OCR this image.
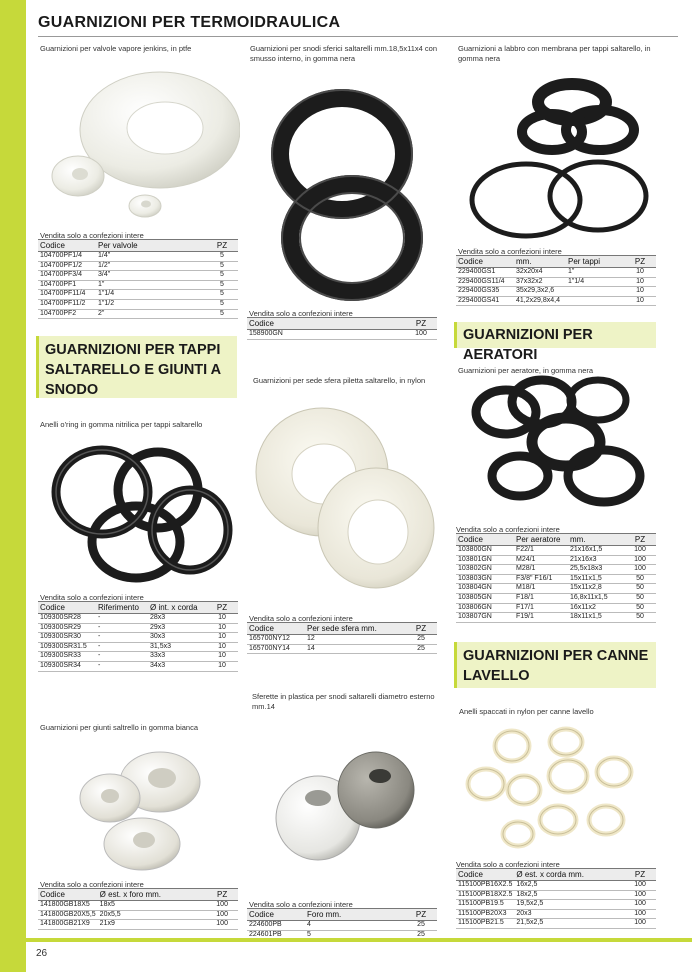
GUARNIZIONI PER TERMOIDRAULICA
Guarnizioni per valvole vapore jenkins, in ptfe
Vendita solo a confezioni intere
Codice	Per valvole	PZ
104700PF1/4	1/4"	5
104700PF1/2	1/2"	5
104700PF3/4	3/4"	5
104700PF1	1"	5
104700PF11/4	1"1/4	5
104700PF11/2	1"1/2	5
104700PF2	2"	5
GUARNIZIONI PER TAPPI SALTARELLO E GIUNTI A SNODO
Anelli o'ring in gomma nitrilica per tappi saltarello
Vendita solo a confezioni intere
Codice	Riferimento	Ø int. x corda	PZ
109300SR28	-	28x3	10
109300SR29	-	29x3	10
109300SR30	-	30x3	10
109300SR31.5	-	31,5x3	10
109300SR33	-	33x3	10
109300SR34	-	34x3	10
Guarnizioni per giunti saltrello in gomma bianca
Vendita solo a confezioni intere
Codice	Ø est. x foro mm.	PZ
141800GB18X5	18x5	100
141800GB20X5,5	20x5,5	100
141800GB21X9	21x9	100
Guarnizioni per snodi sferici saltarelli mm.18,5x11x4 con smusso interno, in gomma nera
Vendita solo a confezioni intere
Codice	PZ
158900GN	100
Guarnizioni per sede sfera piletta saltarello, in nylon
Vendita solo a confezioni intere
Codice	Per sede sfera mm.	PZ
165700NY12	12	25
165700NY14	14	25
Sferette in plastica per snodi saltarelli diametro esterno mm.14
Vendita solo a confezioni intere
Codice	Foro mm.	PZ
224600PB	4	25
224601PB	5	25
Guarnizioni a labbro con membrana per tappi saltarello, in gomma nera
Vendita solo a confezioni intere
Codice	mm.	Per tappi	PZ
229400GS1	32x20x4	1"	10
229400GS11/4	37x32x2	1"1/4	10
229400GS35	35x29,3x2,6		10
229400GS41	41,2x29,8x4,4		10
GUARNIZIONI PER AERATORI
Guarnizioni per aeratore, in gomma nera
Vendita solo a confezioni intere
Codice	Per aeratore	mm.	PZ
103800GN	F22/1	21x16x1,5	100
103801GN	M24/1	21x16x3	100
103802GN	M28/1	25,5x18x3	100
103803GN	F3/8" F16/1	15x11x1,5	50
103804GN	M18/1	15x11x2,8	50
103805GN	F18/1	16,8x11x1,5	50
103806GN	F17/1	16x11x2	50
103807GN	F19/1	18x11x1,5	50
GUARNIZIONI PER CANNE LAVELLO
Anelli spaccati in nylon per canne lavello
Vendita solo a confezioni intere
Codice	Ø est. x corda mm.	PZ
115100PB16X2.5	16x2,5	100
115100PB18X2.5	18x2,5	100
115100PB19.5	19,5x2,5	100
115100PB20X3	20x3	100
115100PB21.5	21,5x2,5	100
26
